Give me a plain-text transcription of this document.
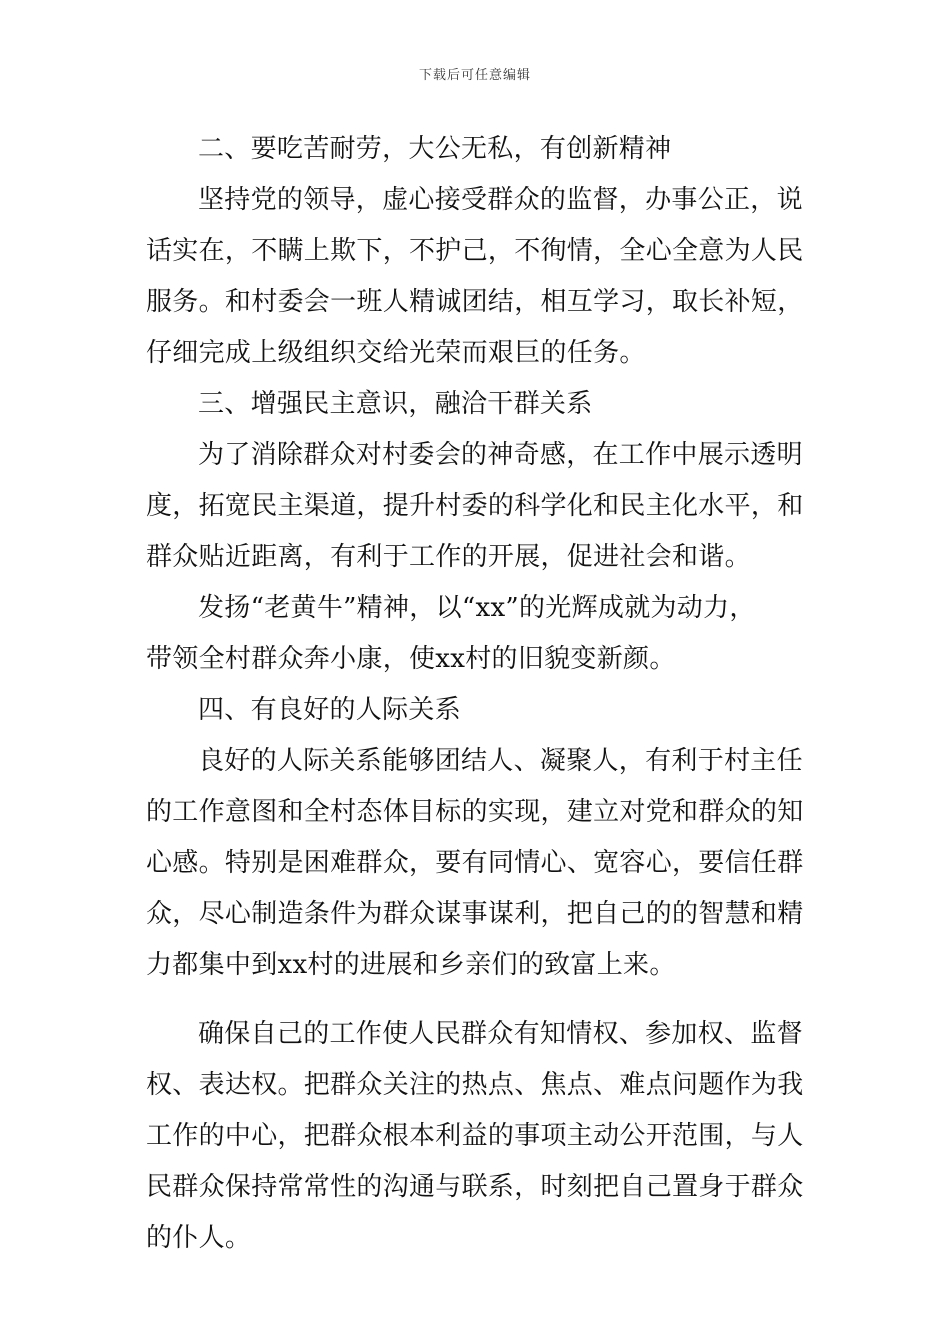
下载后可任意编辑
二、要吃苦耐劳，大公无私，有创新精神
坚持党的领导，虚心接受群众的监督，办事公正，说
话实在，不瞒上欺下，不护己，不徇情，全心全意为人民
服务。和村委会一班人精诚团结，相互学习，取长补短，
仔细完成上级组织交给光荣而艰巨的任务。
三、增强民主意识，融洽干群关系
为了消除群众对村委会的神奇感，在工作中展示透明
度，拓宽民主渠道，提升村委的科学化和民主化水平，和
群众贴近距离，有利于工作的开展，促进社会和谐。
发扬“老黄牛”精神，以“xx”的光辉成就为动力，
带领全村群众奔小康，使xx村的旧貌变新颜。
四、有良好的人际关系
良好的人际关系能够团结人、凝聚人，有利于村主任
的工作意图和全村态体目标的实现，建立对党和群众的知
心感。特别是困难群众，要有同情心、宽容心，要信任群
众，尽心制造条件为群众谋事谋利，把自己的的智慧和精
力都集中到xx村的进展和乡亲们的致富上来。
确保自己的工作使人民群众有知情权、参加权、监督
权、表达权。把群众关注的热点、焦点、难点问题作为我
工作的中心，把群众根本利益的事项主动公开范围，与人
民群众保持常常性的沟通与联系，时刻把自己置身于群众
的仆人。
